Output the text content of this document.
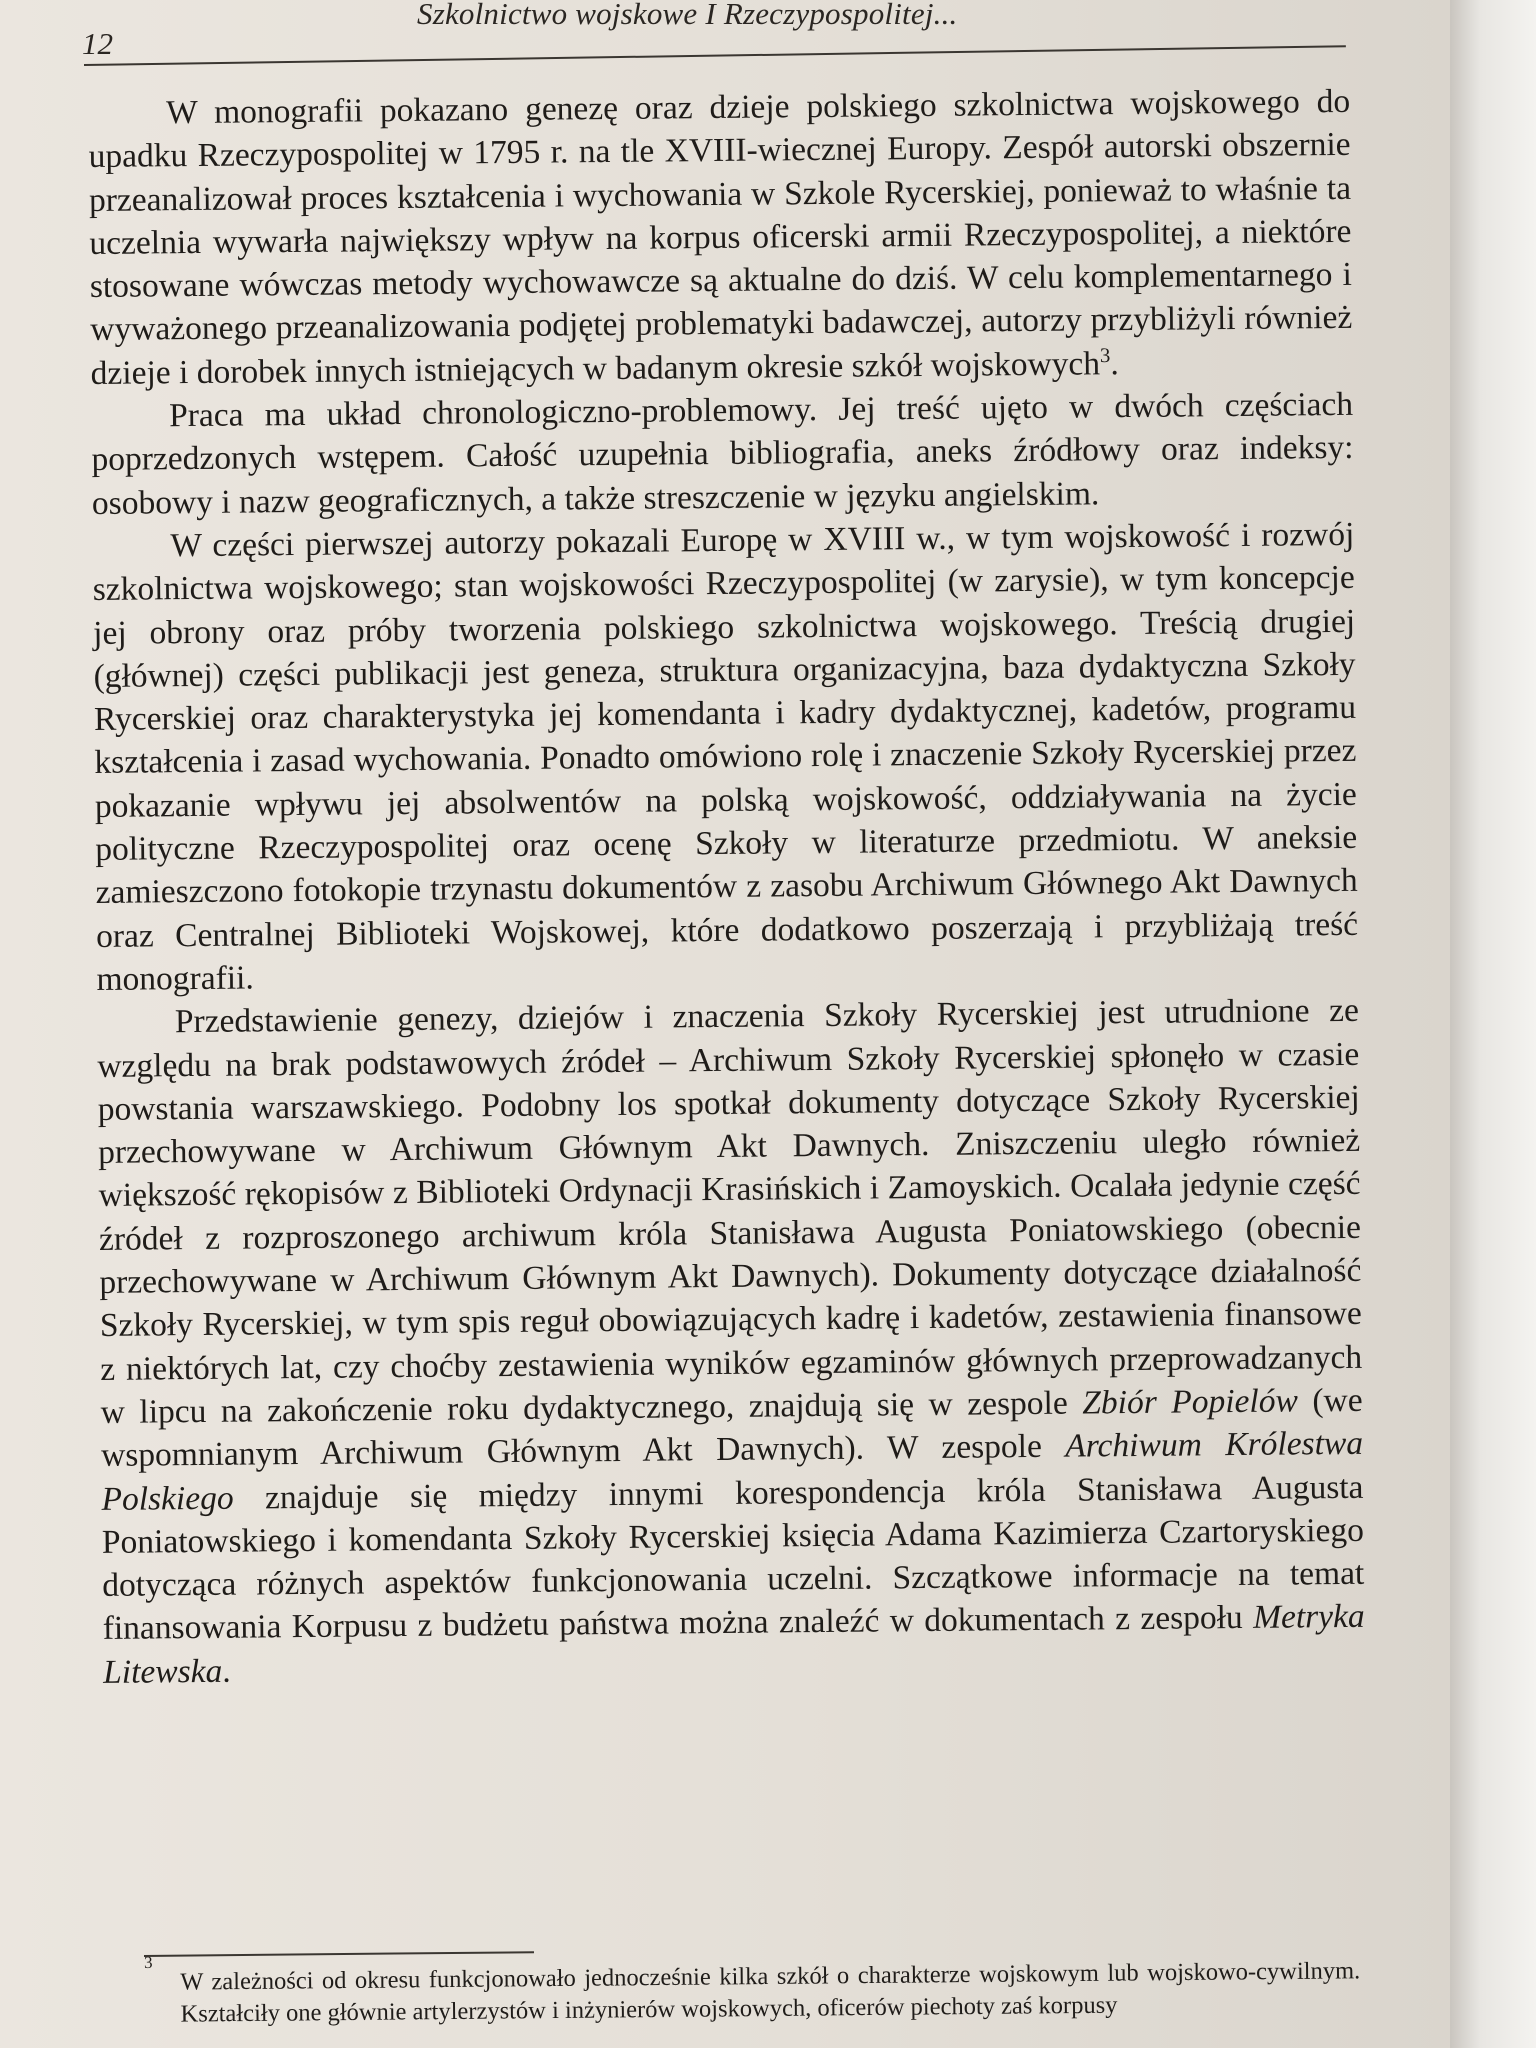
12
Szkolnictwo wojskowe I Rzeczypospolitej...

W monografii pokazano genezę oraz dzieje polskiego szkolnictwa wojskowego do upadku Rzeczypospolitej w 1795 r. na tle XVIII-wiecznej Europy. Zespół autorski obszernie przeanalizował proces kształcenia i wychowania w Szkole Rycerskiej, ponieważ to właśnie ta uczelnia wywarła największy wpływ na korpus oficerski armii Rzeczypospolitej, a niektóre stosowane wówczas metody wychowawcze są aktualne do dziś. W celu komplementarnego i wyważonego przeanalizowania podjętej problematyki badawczej, autorzy przybliżyli również dzieje i dorobek innych istniejących w badanym okresie szkół wojskowych$^3$.

Praca ma układ chronologiczno-problemowy. Jej treść ujęto w dwóch częściach poprzedzonych wstępem. Całość uzupełnia bibliografia, aneks źródłowy oraz indeksy: osobowy i nazw geograficznych, a także streszczenie w języku angielskim.

W części pierwszej autorzy pokazali Europę w XVIII w., w tym wojskowość i rozwój szkolnictwa wojskowego; stan wojskowości Rzeczypospolitej (w zarysie), w tym koncepcje jej obrony oraz próby tworzenia polskiego szkolnictwa wojskowego. Treścią drugiej (głównej) części publikacji jest geneza, struktura organizacyjna, baza dydaktyczna Szkoły Rycerskiej oraz charakterystyka jej komendanta i kadry dydaktycznej, kadetów, programu kształcenia i zasad wychowania. Ponadto omówiono rolę i znaczenie Szkoły Rycerskiej przez pokazanie wpływu jej absolwentów na polską wojskowość, oddziaływania na życie polityczne Rzeczypospolitej oraz ocenę Szkoły w literaturze przedmiotu. W aneksie zamieszczono fotokopie trzynastu dokumentów z zasobu Archiwum Głównego Akt Dawnych oraz Centralnej Biblioteki Wojskowej, które dodatkowo poszerzają i przybliżają treść monografii.

Przedstawienie genezy, dziejów i znaczenia Szkoły Rycerskiej jest utrudnione ze względu na brak podstawowych źródeł – Archiwum Szkoły Rycerskiej spłonęło w czasie powstania warszawskiego. Podobny los spotkał dokumenty dotyczące Szkoły Rycerskiej przechowywane w Archiwum Głównym Akt Dawnych. Zniszczeniu uległo również większość rękopisów z Biblioteki Ordynacji Krasińskich i Zamoyskich. Ocalała jedynie część źródeł z rozproszonego archiwum króla Stanisława Augusta Poniatowskiego (obecnie przechowywane w Archiwum Głównym Akt Dawnych). Dokumenty dotyczące działalność Szkoły Rycerskiej, w tym spis reguł obowiązujących kadrę i kadetów, zestawienia finansowe z niektórych lat, czy choćby zestawienia wyników egzaminów głównych przeprowadzanych w lipcu na zakończenie roku dydaktycznego, znajdują się w zespole Zbiór Popielów (we wspomnianym Archiwum Głównym Akt Dawnych). W zespole Archiwum Królestwa Polskiego znajduje się między innymi korespondencja króla Stanisława Augusta Poniatowskiego i komendanta Szkoły Rycerskiej księcia Adama Kazimierza Czartoryskiego dotycząca różnych aspektów funkcjonowania uczelni. Szczątkowe informacje na temat finansowania Korpusu z budżetu państwa można znaleźć w dokumentach z zespołu Metryka Litewska.

3 W zależności od okresu funkcjonowało jednocześnie kilka szkół o charakterze wojskowym lub wojskowo-cywilnym. Kształciły one głównie artylerzystów i inżynierów wojskowych, oficerów piechoty zaś korpusy
